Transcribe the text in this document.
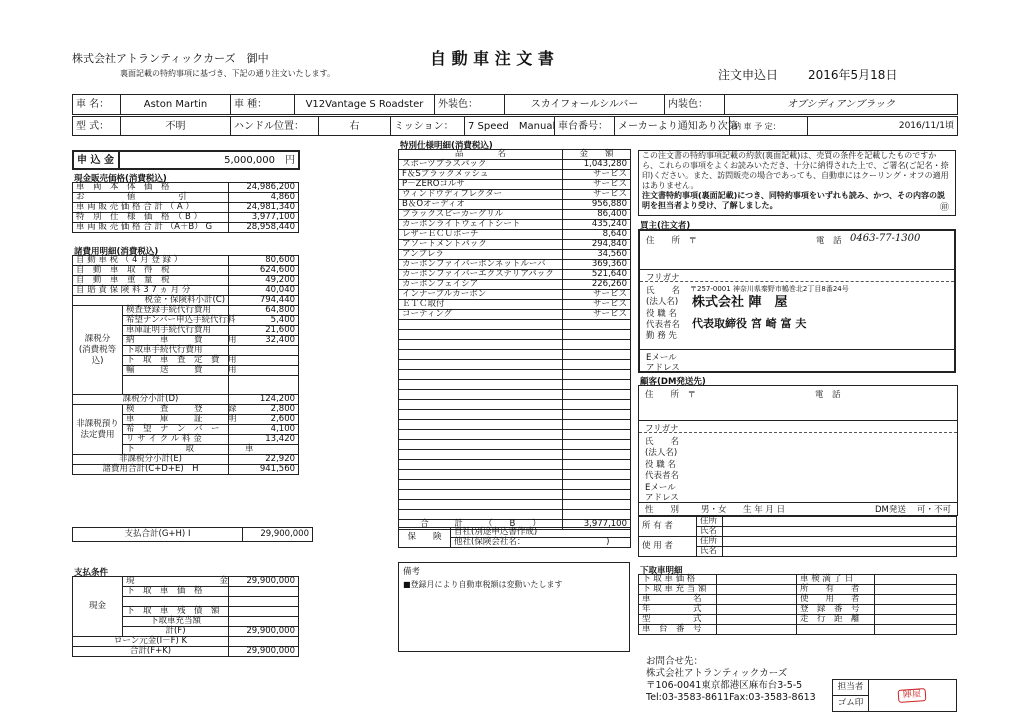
株式会社アトランティックカーズ　御中
裏面記載の特約事項に基づき、下記の通り注文いたします。
自 動 車 注 文 書
注文申込日 2016年5月18日
車 名：	Aston Martin	車 種：	V12Vantage S Roadster	外装色：	スカイフォールシルバー	内装色：	オブシディアンブラック
型 式：	不明	ハンドル位置：	右	ミッション：	7 Speed　Manual	車台番号：	メーカーより通知あり次第	納 車 予 定：	2016/11/1頃
申 込 金	5,000,000　円
現金販売価格(消費税込)
車　両　本　体　価　格	24,986,200
お　　　　　値　　　　　引	4,860
車 両 販 売 価 格 合 計 （ A ）	24,981,340
特　別　仕　様　価　格　（ B ）	3,977,100
車 両 販 売 価 格 合 計 （A＋B） G	28,958,440
諸費用明細(消費税込)
自 動 車 税 （ 4 月 登 録 ）		80,600
自　動　車　取　得　税		624,600
自　動　車　重　量　税		49,200
自 賠 責 保 険 料 3 7 ヵ 月 分		40,040
税金・保険料小計(C)		794,440
課税分
(消費税等込)	検査登録手続代行費用	64,800
	希望ナンバー申込手続代行料	5,400
	車庫証明手続代行費用	21,600
	納　　　車　　　費　　　用	32,400
	下取車手続代行費用	
	下　取　車　査　定　費　用	
	輸　　　送　　　費　　　用	

課税分小計(D)		124,200
非課税預り
法定費用	検　　　査　　　登　　　録	2,800
	車　　　庫　　　証　　　明	2,600
	希　望　ナ　ン　バ　ー	4,100
	リ サ イ ク ル 料 金	13,420
	下　　　　　　取　　　　　　車	
非課税分小計(E)		22,920
諸費用合計(C+D+E)　H		941,560
支払合計(G+H) I	29,900,000
支払条件
現金	現　　　　　　　　　　金	29,900,000
	下　取　車　価　格	

	下　取　車　残　債　額	
	下取車充当額	
	計(F)	29,900,000
ローン元金(I－F) K		
合計(F+K)		29,900,000
特別仕様明細(消費税込)
品　　　　名	金　　額
スポーツプラスパック	1,043,280
F＆Sブラックメッシュ	サービス
P－ZEROコルサ	サービス
ウィンドウディフレクター	サービス
B＆Oオーディオ	956,880
ブラックスピーカーグリル	86,400
カーボンライトウェイトシート	435,240
レザーＥＣＵポーチ	8,640
アソートメントパック	294,840
アンブレラ	34,560
カーボンファイバーボンネットルーバ	369,360
カーボンファイバーエクステリアパック	521,640
カーボンフェイシア	226,260
インナーブルカーボン	サービス
ＥＴＣ取付	サービス
コーティング	サービス

合　　　計　　　（　　B　　）	3,977,100
保　　険	自社(別途申込書作成)
他社(保険会社名：　　　　　　　　　　)
備考
■登録月により自動車税額は変動いたします
この注文書の特約事項記載の約款(裏面記載)は、売買の条件を記載したものですから、これらの事項をよくお読みいただき、十分に納得された上で、ご署名(ご記名・捺印)ください。また、訪問販売の場合であっても、自動車にはクーリング・オフの適用はありません。
注文書特約事項(裏面記載)につき、同特約事項をいずれも読み、かつ、その内容の説明を担当者より受け、了解しました。	㊞
買主(注文者)
住　　所　〒	電　話 0463-77-1300
フリガナ
氏　　名 〒257-0001 神奈川県秦野市鶴巻北2丁目8番24号
(法人名) 株式会社 陣　屋
役 職 名
代表者名 代表取締役 宮 崎 富 夫
勤 務 先
Eメール
アドレス
顧客(DM発送先)
住　　所　〒	電　話
フリガナ
氏　　名
(法人名)
役 職 名
代表者名
Eメール
アドレス
性　　別	男・女 生 年 月 日	DM発送 可・不可
所 有 者	住所	
	氏名	
使 用 者	住所	
	氏名	
下取車明細
下 取 車 価 格		車 検 満 了 日	
下 取 車 充 当 額		所　　有　　者	
車　　　　　名		使　　用　　者	
年　　　　　式		登　録　番　号	
型　　　　　式		走　行　距　離	
車　台　番　号			
お問合せ先：
株式会社アトランティックカーズ
〒106-0041東京都港区麻布台3-5-5
Tel:03-3583-8611Fax:03-3583-8613
担当者	陣屋
ゴム印
